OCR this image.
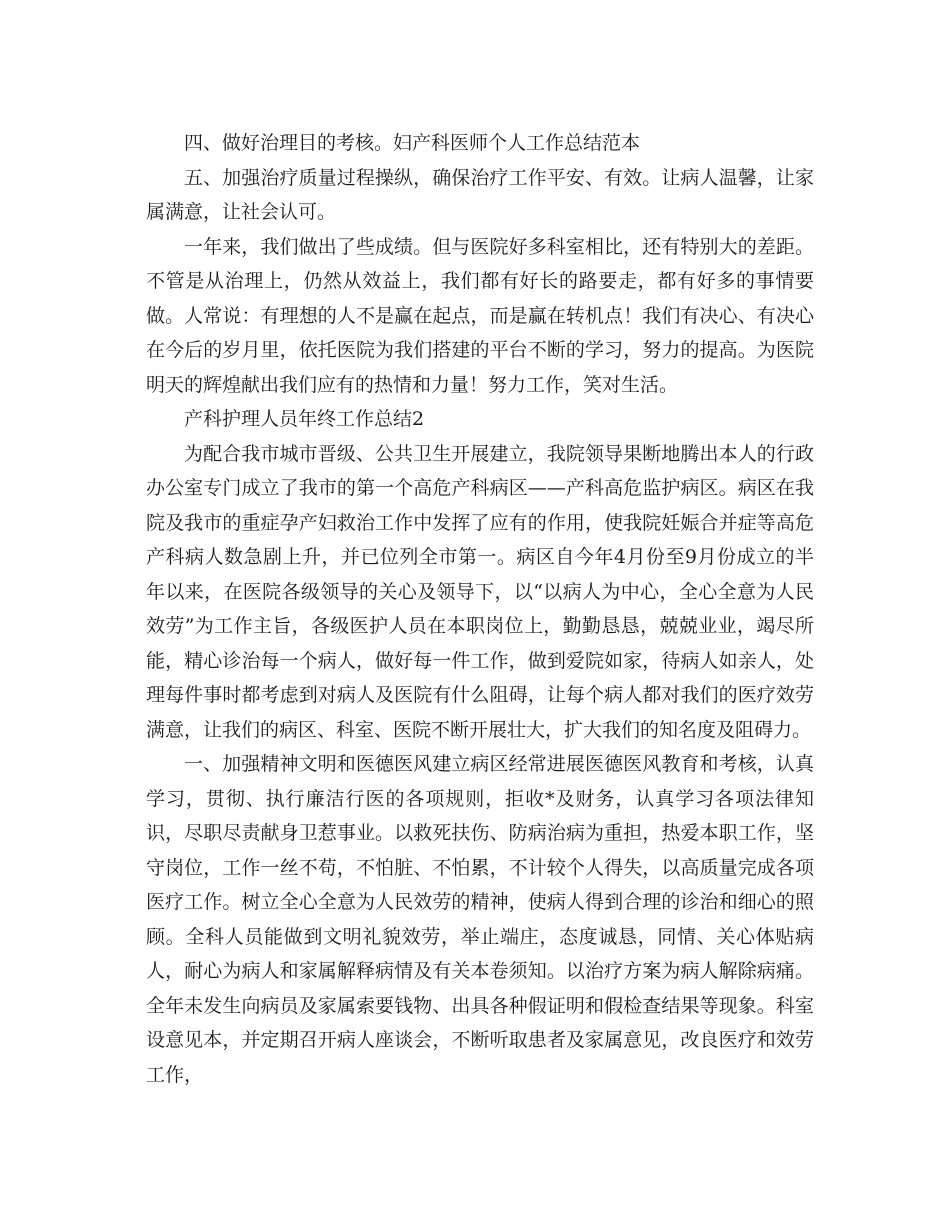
四、做好治理目的考核。妇产科医师个人工作总结范本

五、加强治疗质量过程操纵，确保治疗工作平安、有效。让病人温馨，让家属满意，让社会认可。

一年来，我们做出了些成绩。但与医院好多科室相比，还有特别大的差距。不管是从治理上，仍然从效益上，我们都有好长的路要走，都有好多的事情要做。人常说：有理想的人不是赢在起点，而是赢在转机点！我们有决心、有决心在今后的岁月里，依托医院为我们搭建的平台不断的学习，努力的提高。为医院明天的辉煌献出我们应有的热情和力量！努力工作，笑对生活。

产科护理人员年终工作总结2

为配合我市城市晋级、公共卫生开展建立，我院领导果断地腾出本人的行政办公室专门成立了我市的第一个高危产科病区——产科高危监护病区。病区在我院及我市的重症孕产妇救治工作中发挥了应有的作用，使我院妊娠合并症等高危产科病人数急剧上升，并已位列全市第一。病区自今年4月份至9月份成立的半年以来，在医院各级领导的关心及领导下，以“以病人为中心，全心全意为人民效劳”为工作主旨，各级医护人员在本职岗位上，勤勤恳恳，兢兢业业，竭尽所能，精心诊治每一个病人，做好每一件工作，做到爱院如家，待病人如亲人，处理每件事时都考虑到对病人及医院有什么阻碍，让每个病人都对我们的医疗效劳满意，让我们的病区、科室、医院不断开展壮大，扩大我们的知名度及阻碍力。

一、加强精神文明和医德医风建立病区经常进展医德医风教育和考核，认真学习，贯彻、执行廉洁行医的各项规则，拒收*及财务，认真学习各项法律知识，尽职尽责献身卫惹事业。以救死扶伤、防病治病为重担，热爱本职工作，坚守岗位，工作一丝不苟，不怕脏、不怕累，不计较个人得失，以高质量完成各项医疗工作。树立全心全意为人民效劳的精神，使病人得到合理的诊治和细心的照顾。全科人员能做到文明礼貌效劳，举止端庄，态度诚恳，同情、关心体贴病人，耐心为病人和家属解释病情及有关本卷须知。以治疗方案为病人解除病痛。全年未发生向病员及家属索要钱物、出具各种假证明和假检查结果等现象。科室设意见本，并定期召开病人座谈会，不断听取患者及家属意见，改良医疗和效劳工作，
